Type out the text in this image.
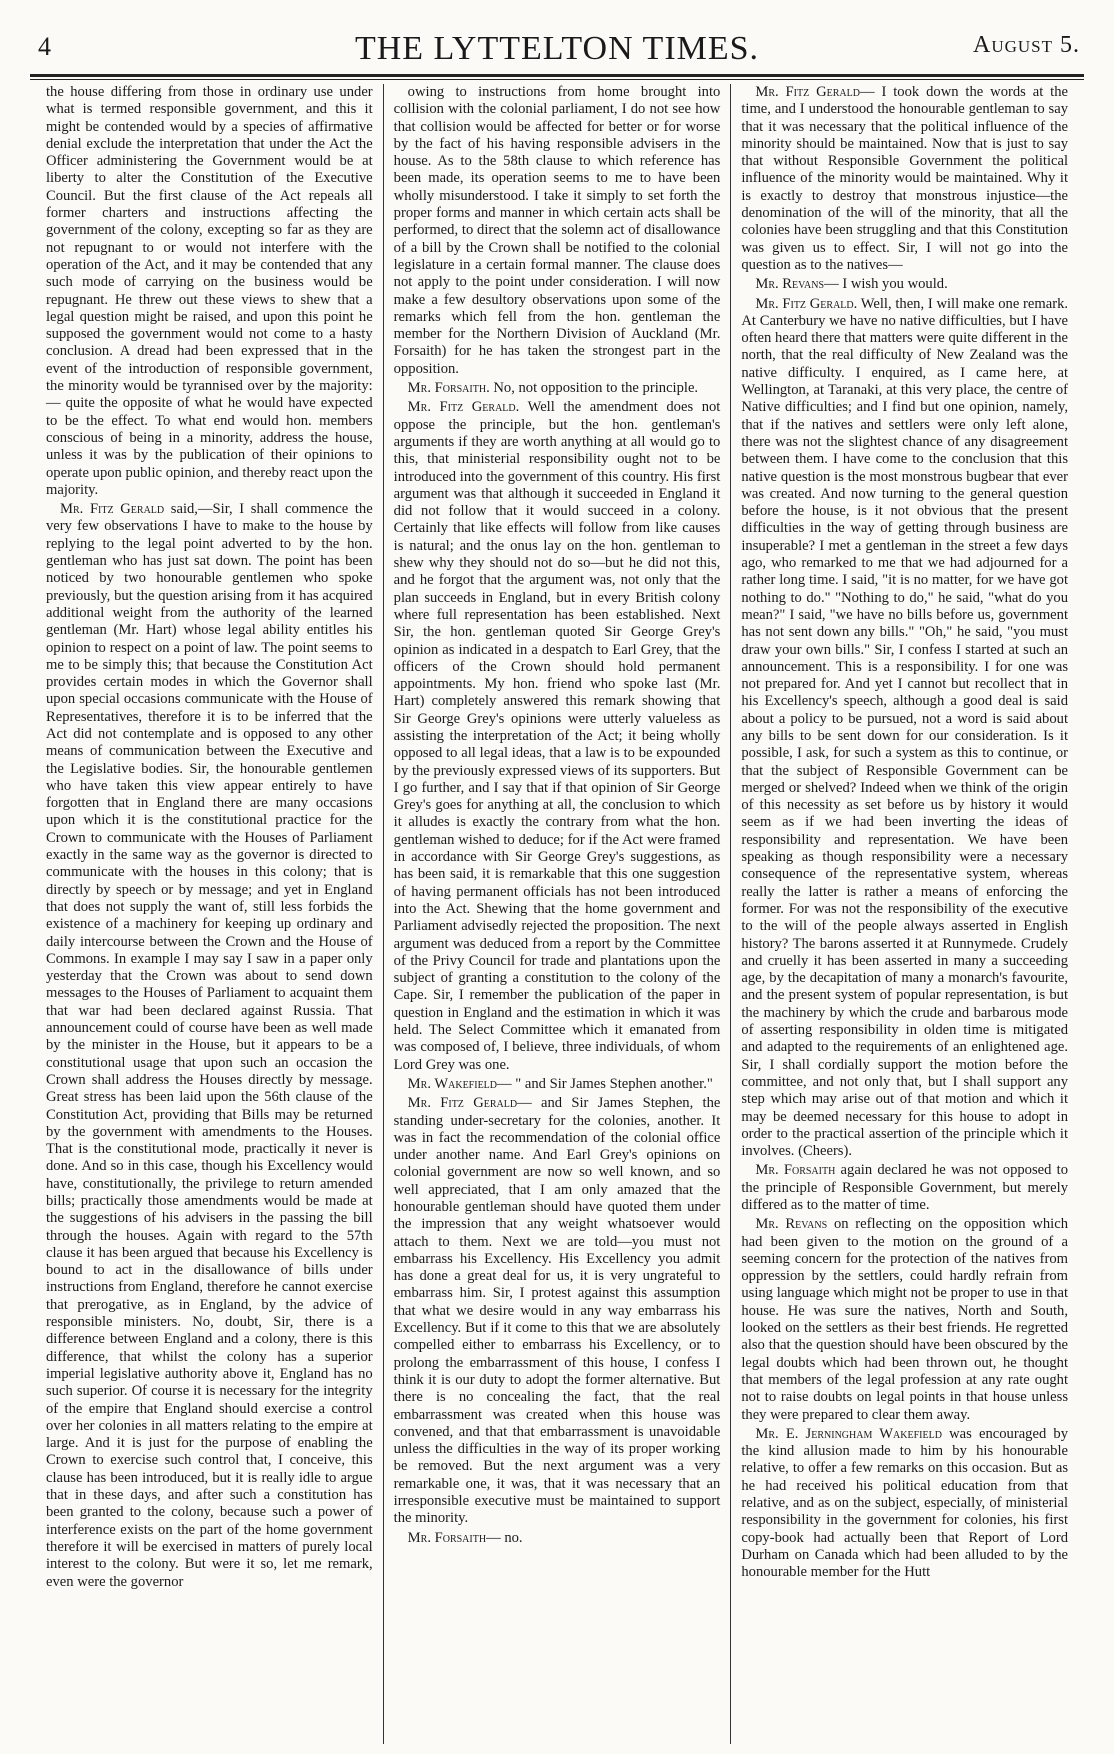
4	THE LYTTELTON TIMES.	August 5.

the house differing from those in ordinary use under what is termed responsible government, and this it might be contended would by a species of affirmative denial exclude the interpretation that under the Act the Officer administering the Government would be at liberty to alter the Constitution of the Executive Council. But the first clause of the Act repeals all former charters and instructions affecting the government of the colony, excepting so far as they are not repugnant to or would not interfere with the operation of the Act, and it may be contended that any such mode of carrying on the business would be repugnant. He threw out these views to shew that a legal question might be raised, and upon this point he supposed the government would not come to a hasty conclusion. A dread had been expressed that in the event of the introduction of responsible government, the minority would be tyrannised over by the majority:— quite the opposite of what he would have expected to be the effect. To what end would hon. members conscious of being in a minority, address the house, unless it was by the publication of their opinions to operate upon public opinion, and thereby react upon the majority.

Mr. Fitz Gerald said,—Sir, I shall commence the very few observations I have to make to the house by replying to the legal point adverted to by the hon. gentleman who has just sat down. The point has been noticed by two honourable gentlemen who spoke previously, but the question arising from it has acquired additional weight from the authority of the learned gentleman (Mr. Hart) whose legal ability entitles his opinion to respect on a point of law. The point seems to me to be simply this; that because the Constitution Act provides certain modes in which the Governor shall upon special occasions communicate with the House of Representatives, therefore it is to be inferred that the Act did not contemplate and is opposed to any other means of communication between the Executive and the Legislative bodies. Sir, the honourable gentlemen who have taken this view appear entirely to have forgotten that in England there are many occasions upon which it is the constitutional practice for the Crown to communicate with the Houses of Parliament exactly in the same way as the governor is directed to communicate with the houses in this colony; that is directly by speech or by message; and yet in England that does not supply the want of, still less forbids the existence of a machinery for keeping up ordinary and daily intercourse between the Crown and the House of Commons. In example I may say I saw in a paper only yesterday that the Crown was about to send down messages to the Houses of Parliament to acquaint them that war had been declared against Russia. That announcement could of course have been as well made by the minister in the House, but it appears to be a constitutional usage that upon such an occasion the Crown shall address the Houses directly by message. Great stress has been laid upon the 56th clause of the Constitution Act, providing that Bills may be returned by the government with amendments to the Houses. That is the constitutional mode, practically it never is done. And so in this case, though his Excellency would have, constitutionally, the privilege to return amended bills; practically those amendments would be made at the suggestions of his advisers in the passing the bill through the houses. Again with regard to the 57th clause it has been argued that because his Excellency is bound to act in the disallowance of bills under instructions from England, therefore he cannot exercise that prerogative, as in England, by the advice of responsible ministers. No, doubt, Sir, there is a difference between England and a colony, there is this difference, that whilst the colony has a superior imperial legislative authority above it, England has no such superior. Of course it is necessary for the integrity of the empire that England should exercise a control over her colonies in all matters relating to the empire at large. And it is just for the purpose of enabling the Crown to exercise such control that, I conceive, this clause has been introduced, but it is really idle to argue that in these days, and after such a constitution has been granted to the colony, because such a power of interference exists on the part of the home government therefore it will be exercised in matters of purely local interest to the colony. But were it so, let me remark, even were the governor

owing to instructions from home brought into collision with the colonial parliament, I do not see how that collision would be affected for better or for worse by the fact of his having responsible advisers in the house. As to the 58th clause to which reference has been made, its operation seems to me to have been wholly misunderstood. I take it simply to set forth the proper forms and manner in which certain acts shall be performed, to direct that the solemn act of disallowance of a bill by the Crown shall be notified to the colonial legislature in a certain formal manner. The clause does not apply to the point under consideration. I will now make a few desultory observations upon some of the remarks which fell from the hon. gentleman the member for the Northern Division of Auckland (Mr. Forsaith) for he has taken the strongest part in the opposition.

Mr. Forsaith. No, not opposition to the principle.

Mr. Fitz Gerald. Well the amendment does not oppose the principle, but the hon. gentleman's arguments if they are worth anything at all would go to this, that ministerial responsibility ought not to be introduced into the government of this country. His first argument was that although it succeeded in England it did not follow that it would succeed in a colony. Certainly that like effects will follow from like causes is natural; and the onus lay on the hon. gentleman to shew why they should not do so—but he did not this, and he forgot that the argument was, not only that the plan succeeds in England, but in every British colony where full representation has been established. Next Sir, the hon. gentleman quoted Sir George Grey's opinion as indicated in a despatch to Earl Grey, that the officers of the Crown should hold permanent appointments. My hon. friend who spoke last (Mr. Hart) completely answered this remark showing that Sir George Grey's opinions were utterly valueless as assisting the interpretation of the Act; it being wholly opposed to all legal ideas, that a law is to be expounded by the previously expressed views of its supporters. But I go further, and I say that if that opinion of Sir George Grey's goes for anything at all, the conclusion to which it alludes is exactly the contrary from what the hon. gentleman wished to deduce; for if the Act were framed in accordance with Sir George Grey's suggestions, as has been said, it is remarkable that this one suggestion of having permanent officials has not been introduced into the Act. Shewing that the home government and Parliament advisedly rejected the proposition. The next argument was deduced from a report by the Committee of the Privy Council for trade and plantations upon the subject of granting a constitution to the colony of the Cape. Sir, I remember the publication of the paper in question in England and the estimation in which it was held. The Select Committee which it emanated from was composed of, I believe, three individuals, of whom Lord Grey was one.

Mr. Wakefield— " and Sir James Stephen another."

Mr. Fitz Gerald— and Sir James Stephen, the standing under-secretary for the colonies, another. It was in fact the recommendation of the colonial office under another name. And Earl Grey's opinions on colonial government are now so well known, and so well appreciated, that I am only amazed that the honourable gentleman should have quoted them under the impression that any weight whatsoever would attach to them. Next we are told—you must not embarrass his Excellency. His Excellency you admit has done a great deal for us, it is very ungrateful to embarrass him. Sir, I protest against this assumption that what we desire would in any way embarrass his Excellency. But if it come to this that we are absolutely compelled either to embarrass his Excellency, or to prolong the embarrassment of this house, I confess I think it is our duty to adopt the former alternative. But there is no concealing the fact, that the real embarrassment was created when this house was convened, and that that embarrassment is unavoidable unless the difficulties in the way of its proper working be removed. But the next argument was a very remarkable one, it was, that it was necessary that an irresponsible executive must be maintained to support the minority.

Mr. Forsaith— no.

Mr. Fitz Gerald— I took down the words at the time, and I understood the honourable gentleman to say that it was necessary that the political influence of the minority should be maintained. Now that is just to say that without Responsible Government the political influence of the minority would be maintained. Why it is exactly to destroy that monstrous injustice—the denomination of the will of the minority, that all the colonies have been struggling and that this Constitution was given us to effect. Sir, I will not go into the question as to the natives—

Mr. Revans— I wish you would.

Mr. Fitz Gerald. Well, then, I will make one remark. At Canterbury we have no native difficulties, but I have often heard there that matters were quite different in the north, that the real difficulty of New Zealand was the native difficulty. I enquired, as I came here, at Wellington, at Taranaki, at this very place, the centre of Native difficulties; and I find but one opinion, namely, that if the natives and settlers were only left alone, there was not the slightest chance of any disagreement between them. I have come to the conclusion that this native question is the most monstrous bugbear that ever was created. And now turning to the general question before the house, is it not obvious that the present difficulties in the way of getting through business are insuperable? I met a gentleman in the street a few days ago, who remarked to me that we had adjourned for a rather long time. I said, "it is no matter, for we have got nothing to do." "Nothing to do," he said, "what do you mean?" I said, "we have no bills before us, government has not sent down any bills." "Oh," he said, "you must draw your own bills." Sir, I confess I started at such an announcement. This is a responsibility. I for one was not prepared for. And yet I cannot but recollect that in his Excellency's speech, although a good deal is said about a policy to be pursued, not a word is said about any bills to be sent down for our consideration. Is it possible, I ask, for such a system as this to continue, or that the subject of Responsible Government can be merged or shelved? Indeed when we think of the origin of this necessity as set before us by history it would seem as if we had been inverting the ideas of responsibility and representation. We have been speaking as though responsibility were a necessary consequence of the representative system, whereas really the latter is rather a means of enforcing the former. For was not the responsibility of the executive to the will of the people always asserted in English history? The barons asserted it at Runnymede. Crudely and cruelly it has been asserted in many a succeeding age, by the decapitation of many a monarch's favourite, and the present system of popular representation, is but the machinery by which the crude and barbarous mode of asserting responsibility in olden time is mitigated and adapted to the requirements of an enlightened age. Sir, I shall cordially support the motion before the committee, and not only that, but I shall support any step which may arise out of that motion and which it may be deemed necessary for this house to adopt in order to the practical assertion of the principle which it involves. (Cheers).

Mr. Forsaith again declared he was not opposed to the principle of Responsible Government, but merely differed as to the matter of time.

Mr. Revans on reflecting on the opposition which had been given to the motion on the ground of a seeming concern for the protection of the natives from oppression by the settlers, could hardly refrain from using language which might not be proper to use in that house. He was sure the natives, North and South, looked on the settlers as their best friends. He regretted also that the question should have been obscured by the legal doubts which had been thrown out, he thought that members of the legal profession at any rate ought not to raise doubts on legal points in that house unless they were prepared to clear them away.

Mr. E. Jerningham Wakefield was encouraged by the kind allusion made to him by his honourable relative, to offer a few remarks on this occasion. But as he had received his political education from that relative, and as on the subject, especially, of ministerial responsibility in the government for colonies, his first copy-book had actually been that Report of Lord Durham on Canada which had been alluded to by the honourable member for the Hutt
